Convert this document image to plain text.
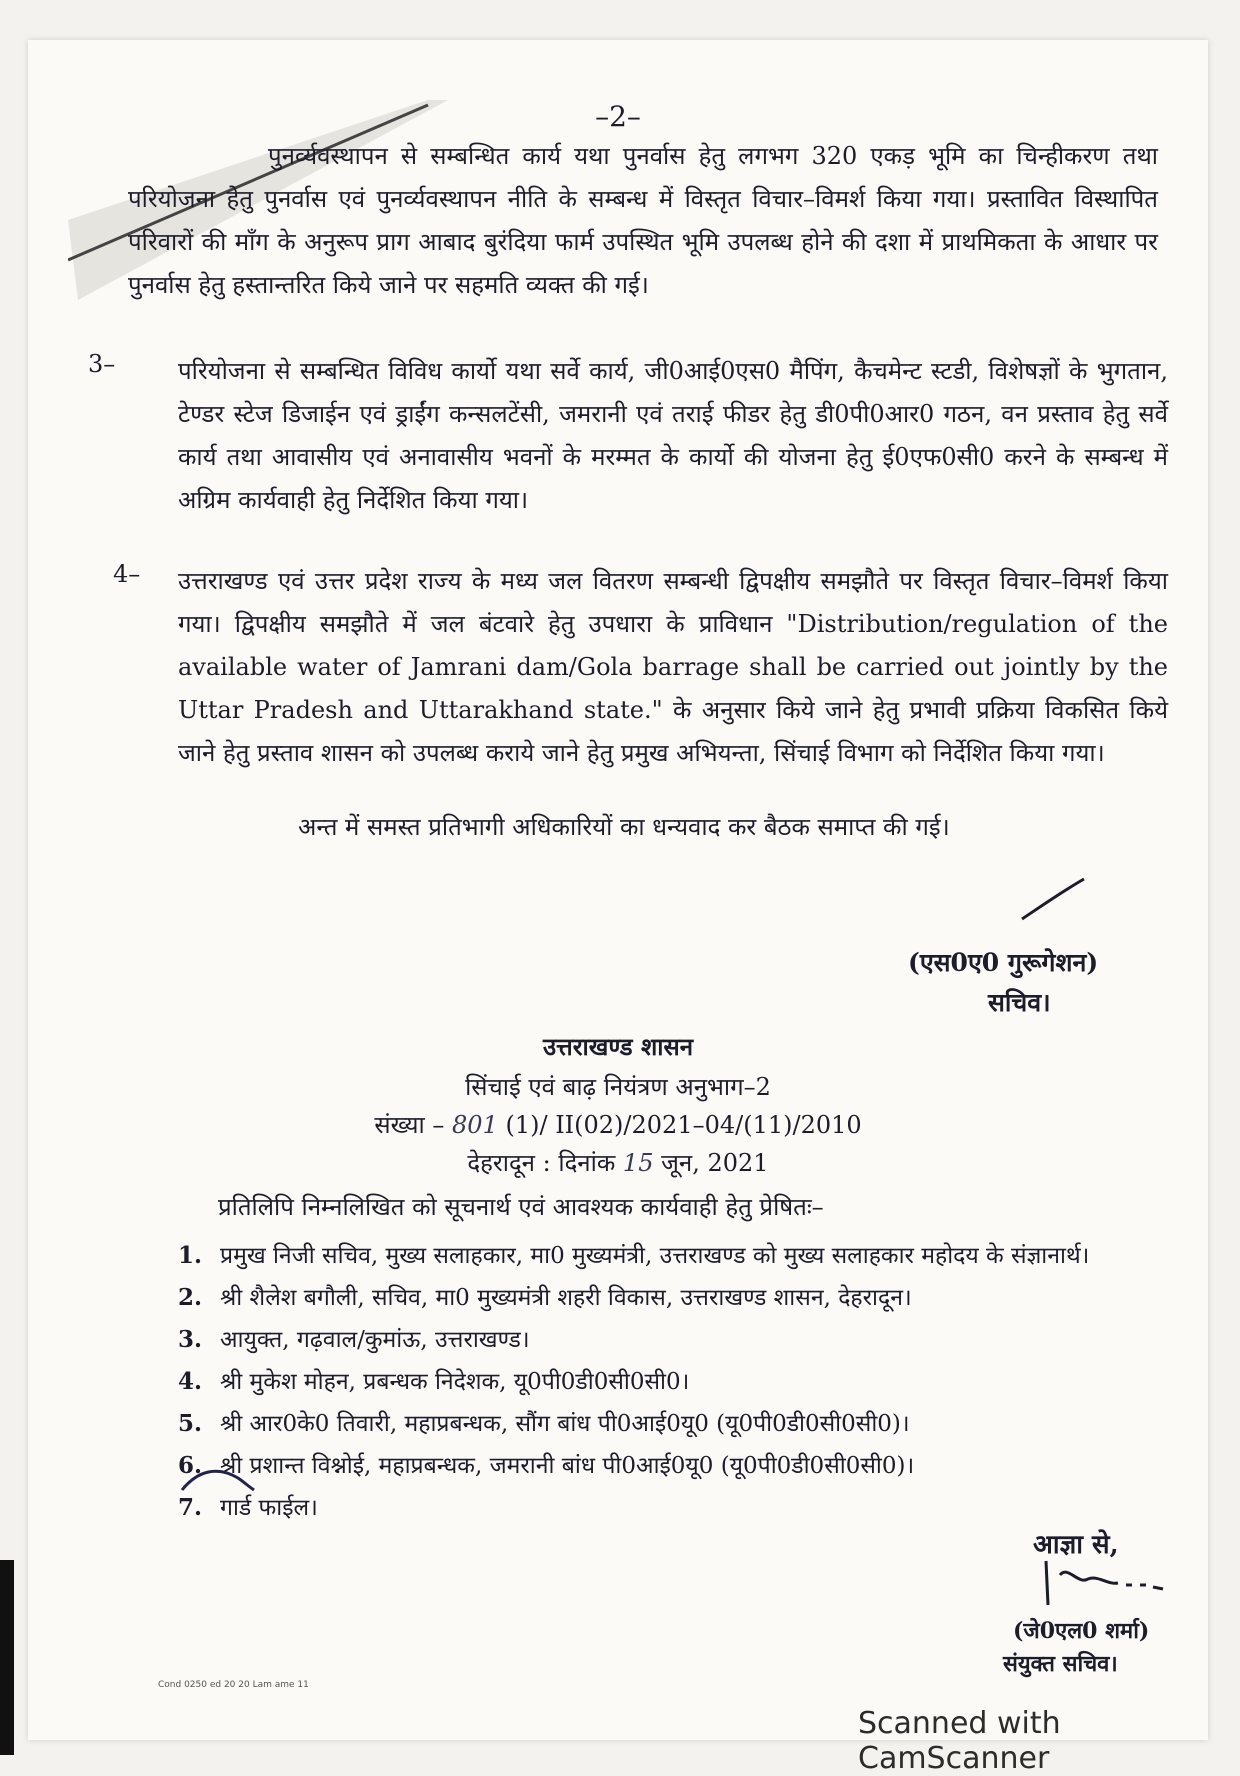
–2–
पुनर्व्यवस्थापन से सम्बन्धित कार्य यथा पुनर्वास हेतु लगभग 320 एकड़ भूमि का चिन्हीकरण तथा परियोजना हेतु पुनर्वास एवं पुनर्व्यवस्थापन नीति के सम्बन्ध में विस्तृत विचार–विमर्श किया गया। प्रस्तावित विस्थापित परिवारों की माँग के अनुरूप प्राग आबाद बुरंदिया फार्म उपस्थित भूमि उपलब्ध होने की दशा में प्राथमिकता के आधार पर पुनर्वास हेतु हस्तान्तरित किये जाने पर सहमति व्यक्त की गई।
3–	परियोजना से सम्बन्धित विविध कार्यो यथा सर्वे कार्य, जी0आई0एस0 मैपिंग, कैचमेन्ट स्टडी, विशेषज्ञों के भुगतान, टेण्डर स्टेज डिजाईन एवं ड्राईंग कन्सलटेंसी, जमरानी एवं तराई फीडर हेतु डी0पी0आर0 गठन, वन प्रस्ताव हेतु सर्वे कार्य तथा आवासीय एवं अनावासीय भवनों के मरम्मत के कार्यो की योजना हेतु ई0एफ0सी0 करने के सम्बन्ध में अग्रिम कार्यवाही हेतु निर्देशित किया गया।
4– उत्तराखण्ड एवं उत्तर प्रदेश राज्य के मध्य जल वितरण सम्बन्धी द्विपक्षीय समझौते पर विस्तृत विचार–विमर्श किया गया। द्विपक्षीय समझौते में जल बंटवारे हेतु उपधारा के प्राविधान "Distribution/regulation of the available water of Jamrani dam/Gola barrage shall be carried out jointly by the Uttar Pradesh and Uttarakhand state." के अनुसार किये जाने हेतु प्रभावी प्रक्रिया विकसित किये जाने हेतु प्रस्ताव शासन को उपलब्ध कराये जाने हेतु प्रमुख अभियन्ता, सिंचाई विभाग को निर्देशित किया गया।
अन्त में समस्त प्रतिभागी अधिकारियों का धन्यवाद कर बैठक समाप्त की गई।
(एस0ए0 गुरूगेशन)
सचिव।
उत्तराखण्ड शासन
सिंचाई एवं बाढ़ नियंत्रण अनुभाग–2
संख्या – 801 (1)/ II(02)/2021–04/(11)/2010
देहरादून : दिनांक 15 जून, 2021
प्रतिलिपि निम्नलिखित को सूचनार्थ एवं आवश्यक कार्यवाही हेतु प्रेषितः–
1. प्रमुख निजी सचिव, मुख्य सलाहकार, मा0 मुख्यमंत्री, उत्तराखण्ड को मुख्य सलाहकार महोदय के संज्ञानार्थ।
2. श्री शैलेश बगौली, सचिव, मा0 मुख्यमंत्री शहरी विकास, उत्तराखण्ड शासन, देहरादून।
3. आयुक्त, गढ़वाल/कुमांऊ, उत्तराखण्ड।
4. श्री मुकेश मोहन, प्रबन्धक निदेशक, यू0पी0डी0सी0सी0।
5. श्री आर0के0 तिवारी, महाप्रबन्धक, सौंग बांध पी0आई0यू0 (यू0पी0डी0सी0सी0)।
6. श्री प्रशान्त विश्नोई, महाप्रबन्धक, जमरानी बांध पी0आई0यू0 (यू0पी0डी0सी0सी0)।
7. गार्ड फाईल।
आज्ञा से,
(जे0एल0 शर्मा)
संयुक्त सचिव।
Cond 0250 ed 20 20 Lam ame 11
Scanned with CamScanner
